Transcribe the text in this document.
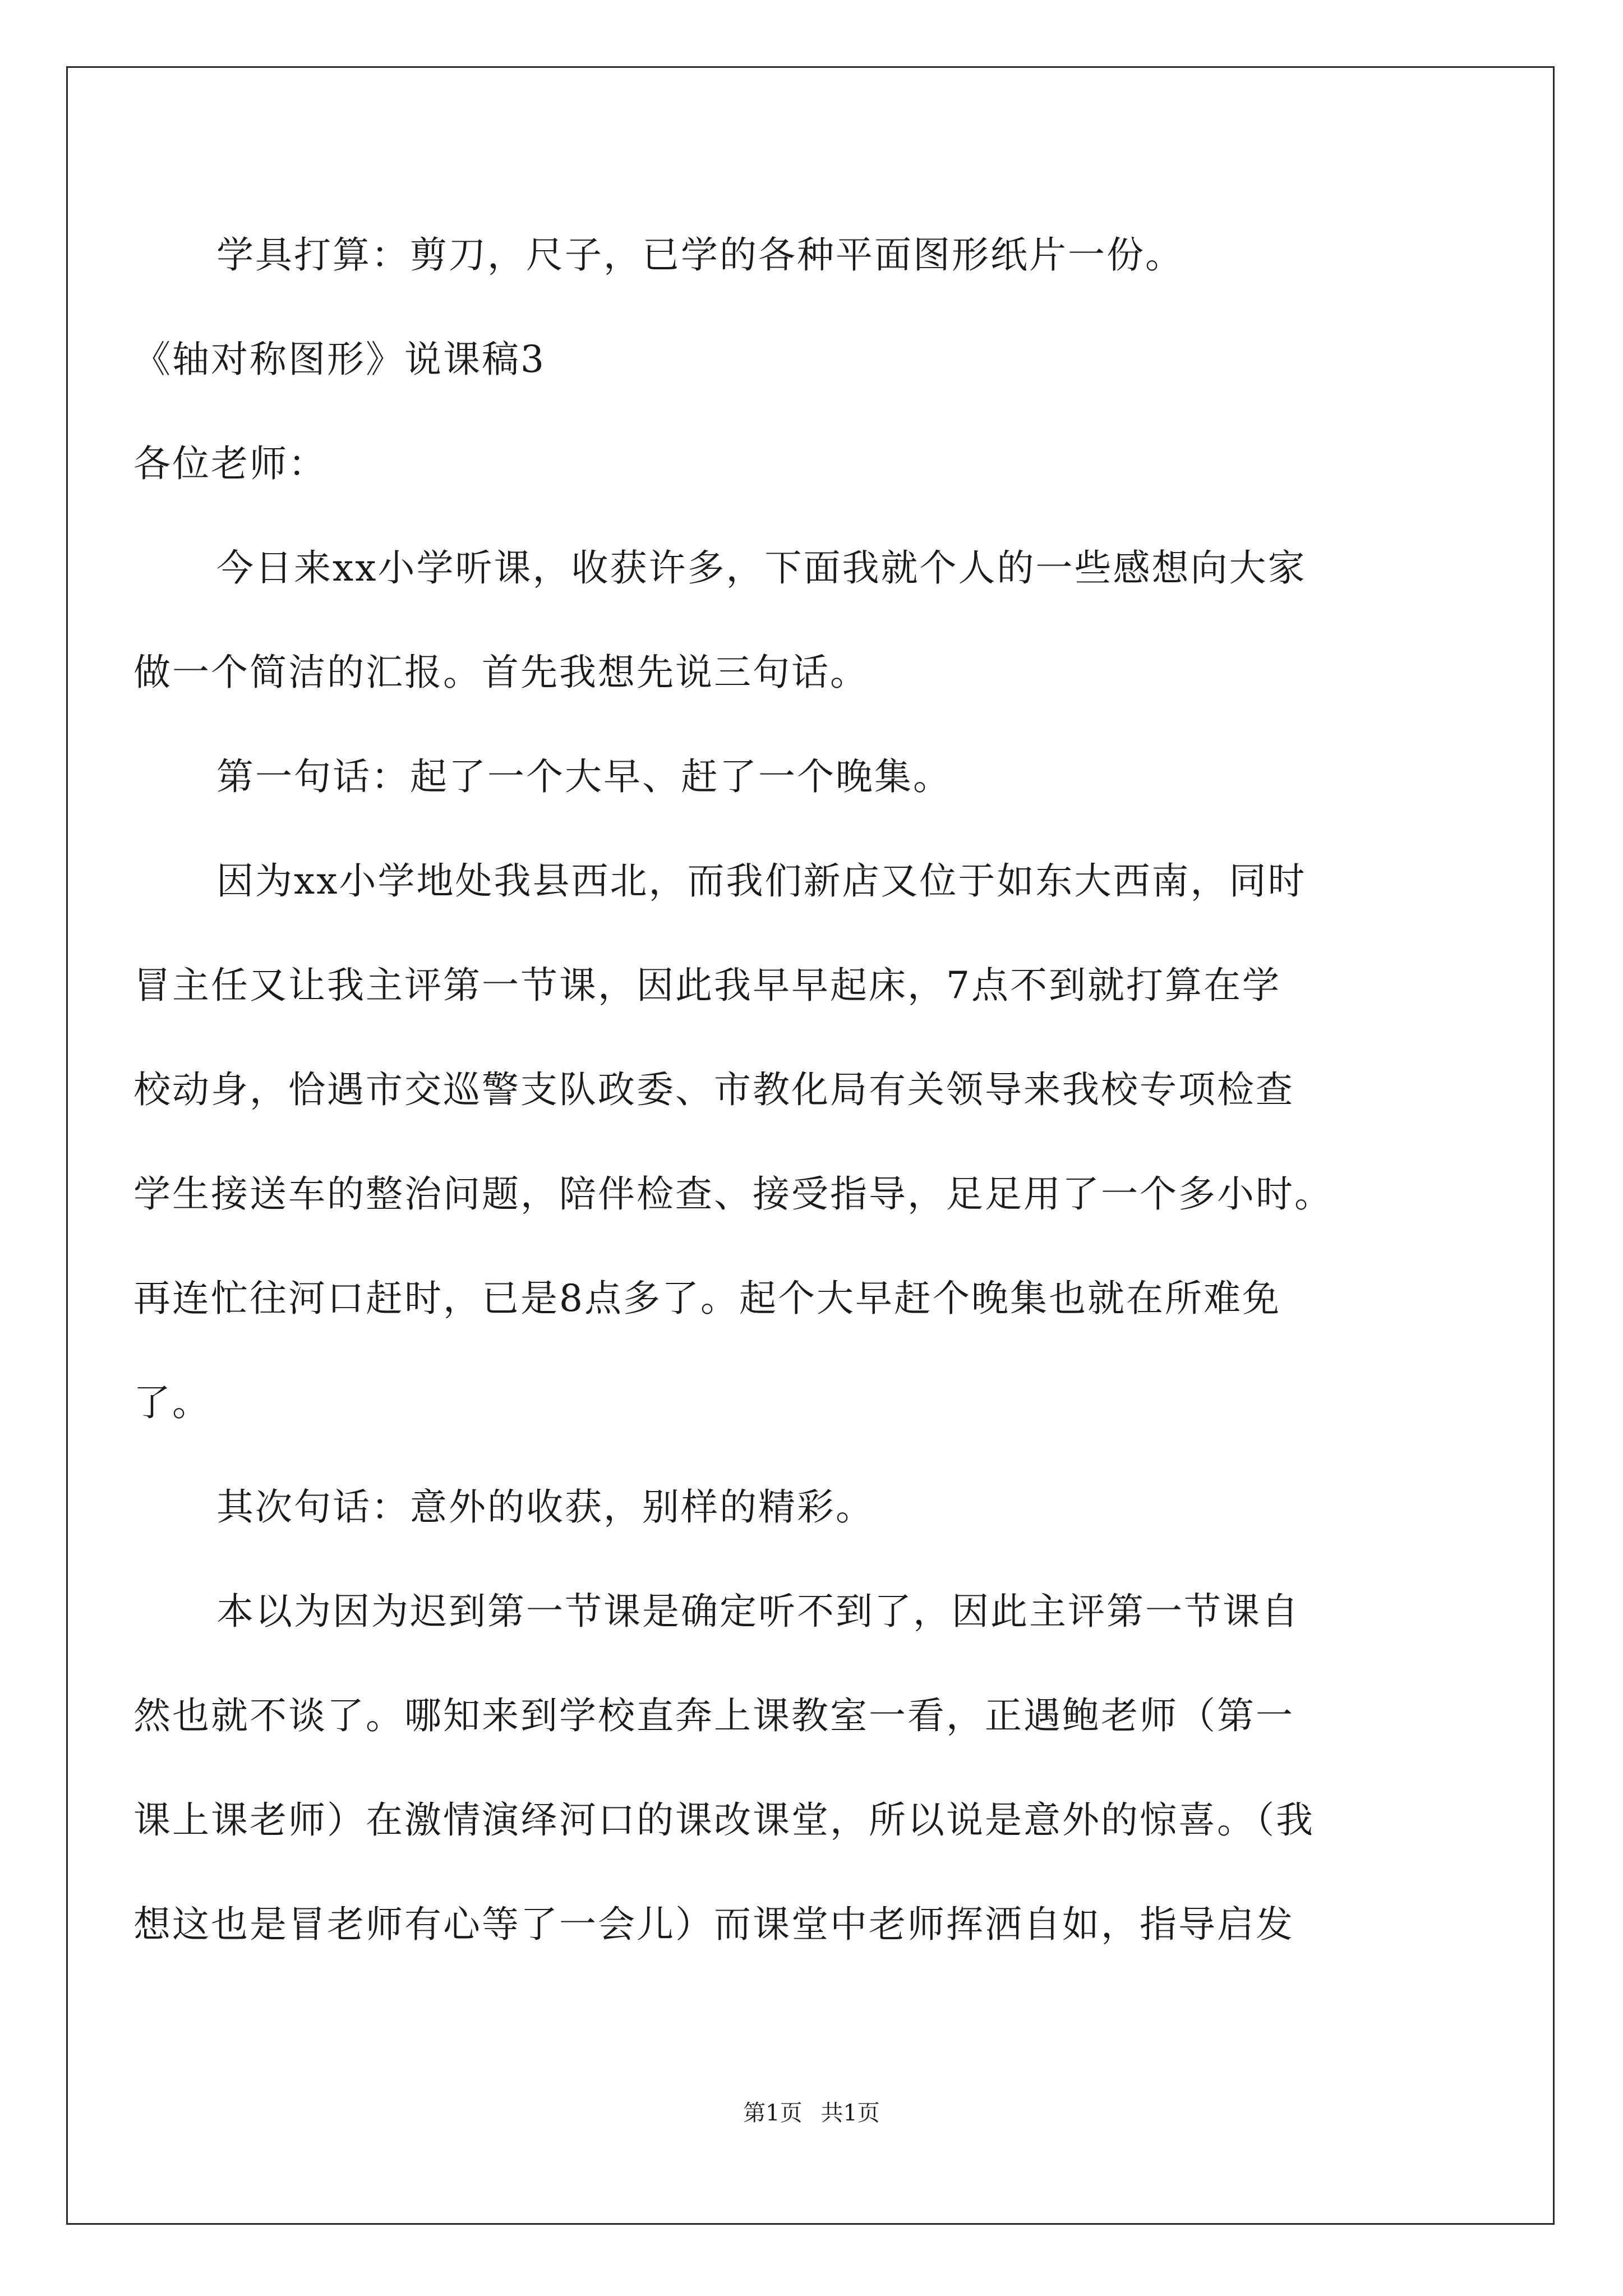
学具打算：剪刀，尺子，已学的各种平面图形纸片一份。
《轴对称图形》说课稿3
各位老师：
今日来xx小学听课，收获许多，下面我就个人的一些感想向大家
做一个简洁的汇报。首先我想先说三句话。
第一句话：起了一个大早、赶了一个晚集。
因为xx小学地处我县西北，而我们新店又位于如东大西南，同时
冒主任又让我主评第一节课，因此我早早起床，7点不到就打算在学
校动身，恰遇市交巡警支队政委、市教化局有关领导来我校专项检查
学生接送车的整治问题，陪伴检查、接受指导，足足用了一个多小时。
再连忙往河口赶时，已是8点多了。起个大早赶个晚集也就在所难免
了。
其次句话：意外的收获，别样的精彩。
本以为因为迟到第一节课是确定听不到了，因此主评第一节课自
然也就不谈了。哪知来到学校直奔上课教室一看，正遇鲍老师（第一
课上课老师）在激情演绎河口的课改课堂，所以说是意外的惊喜。（我
想这也是冒老师有心等了一会儿）而课堂中老师挥洒自如，指导启发
第1页 共1页
